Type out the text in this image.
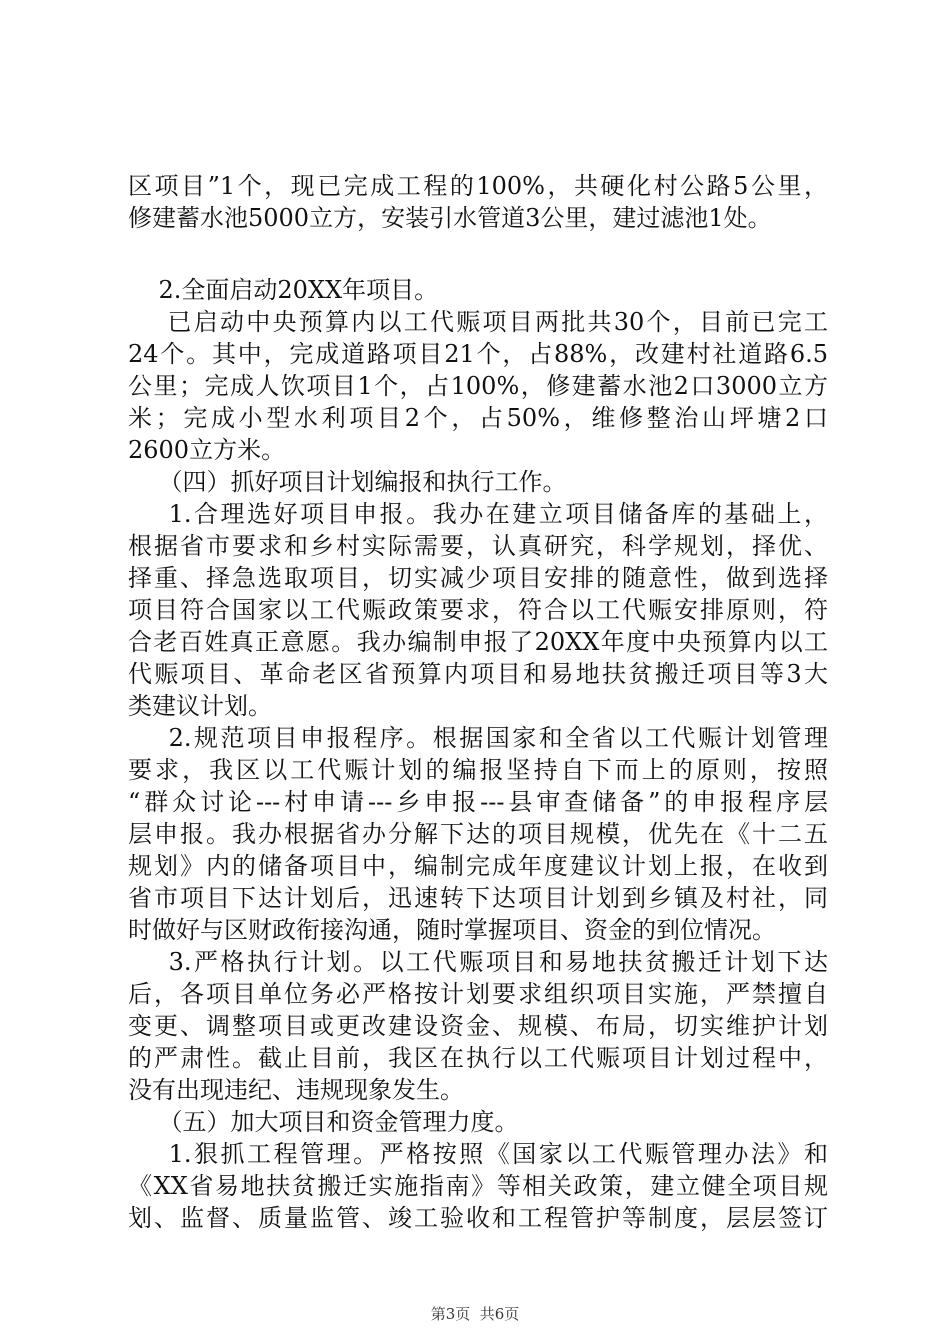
区项目”1个，现已完成工程的100%，共硬化村公路5公里，
修建蓄水池5000立方，安装引水管道3公里，建过滤池1处。
2.全面启动20XX年项目。
已启动中央预算内以工代赈项目两批共30个，目前已完工
24个。其中，完成道路项目21个，占88%，改建村社道路6.5
公里；完成人饮项目1个，占100%，修建蓄水池2口3000立方
米；完成小型水利项目2个，占50%，维修整治山坪塘2口
2600立方米。
（四）抓好项目计划编报和执行工作。
1.合理选好项目申报。我办在建立项目储备库的基础上，
根据省市要求和乡村实际需要，认真研究，科学规划，择优、
择重、择急选取项目，切实减少项目安排的随意性，做到选择
项目符合国家以工代赈政策要求，符合以工代赈安排原则，符
合老百姓真正意愿。我办编制申报了20XX年度中央预算内以工
代赈项目、革命老区省预算内项目和易地扶贫搬迁项目等3大
类建议计划。
2.规范项目申报程序。根据国家和全省以工代赈计划管理
要求，我区以工代赈计划的编报坚持自下而上的原则，按照
“群众讨论---村申请---乡申报---县审查储备”的申报程序层
层申报。我办根据省办分解下达的项目规模，优先在《十二五
规划》内的储备项目中，编制完成年度建议计划上报，在收到
省市项目下达计划后，迅速转下达项目计划到乡镇及村社，同
时做好与区财政衔接沟通，随时掌握项目、资金的到位情况。
3.严格执行计划。以工代赈项目和易地扶贫搬迁计划下达
后，各项目单位务必严格按计划要求组织项目实施，严禁擅自
变更、调整项目或更改建设资金、规模、布局，切实维护计划
的严肃性。截止目前，我区在执行以工代赈项目计划过程中，
没有出现违纪、违规现象发生。
（五）加大项目和资金管理力度。
1.狠抓工程管理。严格按照《国家以工代赈管理办法》和
《XX省易地扶贫搬迁实施指南》等相关政策，建立健全项目规
划、监督、质量监管、竣工验收和工程管护等制度，层层签订
第3页  共6页
